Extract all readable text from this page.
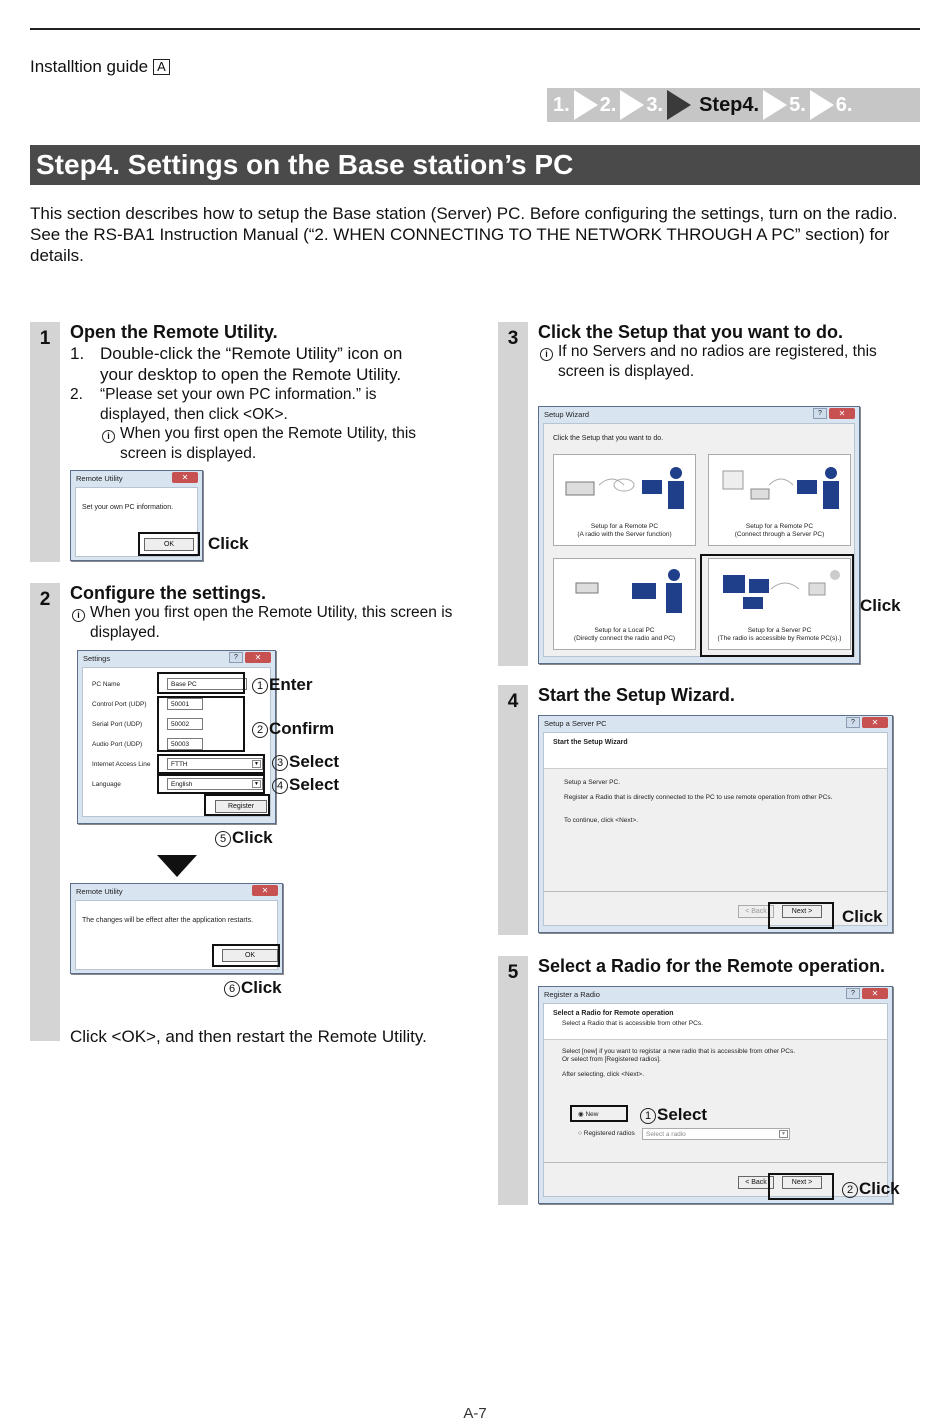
Installtion guide A
1. 2. 3. Step4. 5. 6.
Step4. Settings on the Base station’s PC

This section describes how to setup the Base station (Server) PC. Before configuring the settings, turn on the radio.

See the RS-BA1 Instruction Manual (“2. WHEN CONNECTING TO THE NETWORK THROUGH A PC” section) for details.

1	Open the Remote Utility.
1. Double-click the “Remote Utility” icon on your desktop to open the Remote Utility.
2.	“Please set your own PC information.” is displayed, then click <OK>.
i When you first open the Remote Utility, this screen is displayed.
Remote Utility	✕
Set your own PC information.
OK	Click
2	Configure the settings.
i When you first open the Remote Utility, this screen is displayed.
Settings	?	✕
PC Name	Base PC
Control Port (UDP)	50001
Serial Port (UDP)	50002
Audio Port (UDP)	50003
Internet Access Line	FTTH	▼
Language	English	▼
Register
1 Enter
2 Confirm
3 Select
4 Select
5 Click
Remote Utility	✕
The changes will be effect after the application restarts.
OK
6 Click
Click <OK>, and then restart the Remote Utility.
3	Click the Setup that you want to do.
i If no Servers and no radios are registered, this screen is displayed.
Setup Wizard	?	✕
Click the Setup that you want to do.
Setup for a Remote PC
(A radio with the Server function)
Setup for a Remote PC
(Connect through a Server PC)
Setup for a Local PC
(Directly connect the radio and PC)
Setup for a Server PC
(The radio is accessible by Remote PC(s).)
Click
4	Start the Setup Wizard.
Setup a Server PC	?	✕
Start the Setup Wizard
Setup a Server PC.
Register a Radio that is directly connected to the PC to use remote operation from other PCs.
To continue, click <Next>.
< Back	Next >	Click
5	Select a Radio for the Remote operation.
Register a Radio	?	✕
Select a Radio for Remote operation
Select a Radio that is accessible from other PCs.
Select [new] if you want to registar a new radio that is accessible from other PCs.
Or select from [Registered radios].
After selecting, click <Next>.
◉ New
○ Registered radios	Select a radio	▼
< Back	Next >
1 Select
2 Click
A-7
